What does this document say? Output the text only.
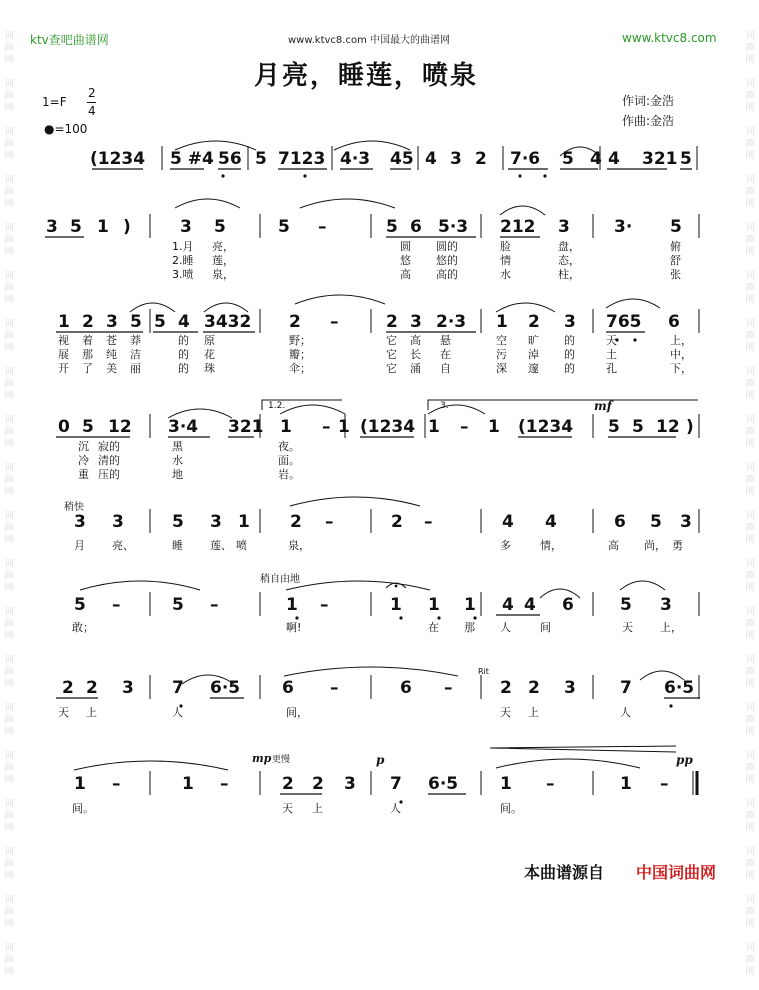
词
曲
网
词
曲
网
词
曲
网
词
曲
网
词
曲
网
词
曲
网
词
曲
网
词
曲
网
词
曲
网
词
曲
网
词
曲
网
词
曲
网
词
曲
网
词
曲
网
词
曲
网
词
曲
网
词
曲
网
词
曲
网
词
曲
网
词
曲
网
词
曲
网
词
曲
网
词
曲
网
词
曲
网
词
曲
网
词
曲
网
词
曲
网
词
曲
网
词
曲
网
词
曲
网
词
曲
网
词
曲
网
词
曲
网
词
曲
网
词
曲
网
词
曲
网
词
曲
网
词
曲
网
词
曲
网
词
曲
网
ktv查吧曲谱网	www.ktvc8.com 中国最大的曲谱网	www.ktvc8.com
月亮，睡莲，喷泉
1=F
2
4
●=100
作词:金浩
作曲:金浩
(1234 5 #4 56 5 7123 4·3 45 4 3 2 7·6 5 4 4 321 5
3 5 1 )	3 5	5 –	5 6 5·3 212 3	3· 5
1 2 3 5 5 4 3432 2 –	2 3 2·3 1 2 3 765 6
0 5 12 3·4 321 1 – 1 (1234 1 – 1 (1234 5 5 12 )
3 3	5 3 1 2 –	2 –	4 4	6 5 3
5 –	5 –	1 –	1 1 1 4 4 6	5 3
2 2 3 7 6·5 6 –	6 –	2 2 3	7 6·5
1 –	1 –	2 2 3 7 6·5 1 –	1 –
1.月 亮，	圆 圆的	脸	盘，	俯
2.睡 莲，	悠 悠的	情	态，	舒
3.喷 泉，	高 高的	水	柱，	张
视 着 苍 莽	的 原	野；	它 高 悬	空 旷 的	天	上，
展 那 纯 洁	的 花	瓣；	它 长 在	污 淖 的	土	中，
开 了 美 丽	的 珠	伞；	它 涌 自	深 邃 的	孔	下，
沉 寂的	黑	夜。
冷 清的	水	面。
重 压的	地	岩。
月 亮、	睡 莲、 喷	泉，	多	情，	高 尚， 勇
敢；	啊!	在 那 人	间	天 上，
天 上	人	间，	天 上	人
间。	天 上	人	间。
1.2.	3.	mf
稍快
稍自由地
Rit
mp 更慢	p	pp
本曲谱源自 中国词曲网
